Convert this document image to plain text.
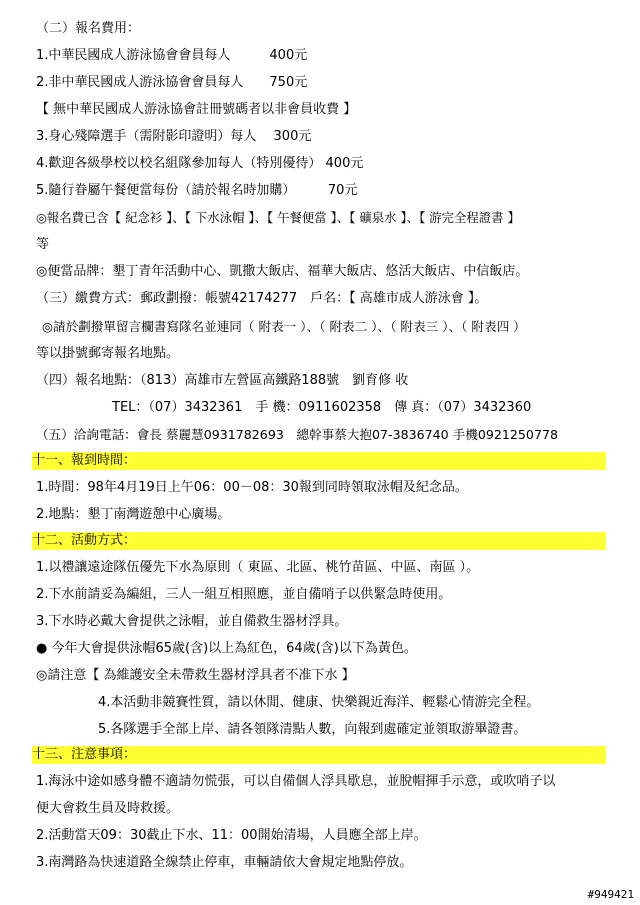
（二）報名費用：
1.中華民國成人游泳協會會員每人　　　400元
2.非中華民國成人游泳協會會員每人　　750元
【 無中華民國成人游泳協會註冊號碼者以非會員收費 】
3.身心殘障選手（需附影印證明）每人　 300元
4.歡迎各級學校以校名組隊參加每人（特別優待） 400元
5.隨行眷屬午餐便當每份（請於報名時加購）　　　70元
◎報名費已含【 紀念衫 】、【 下水泳帽 】、【 午餐便當 】、【 礦泉水 】、【 游完全程證書 】
等
◎便當品牌：墾丁青年活動中心、凱撒大飯店、福華大飯店、悠活大飯店、中信飯店。
（三）繳費方式：郵政劃撥：帳號42174277　戶名：【 高雄市成人游泳會 】。
◎請於劃撥單留言欄書寫隊名並連同（ 附表一 ）、（ 附表二 ）、（ 附表三 ）、（ 附表四 ）
等以掛號郵寄報名地點。
（四）報名地點：（813）高雄市左營區高鐵路188號　劉育修 收
TEL：（07）3432361　手 機：0911602358　傳 真：（07）3432360
（五）洽詢電話：會長 蔡麗慧0931782693　總幹事蔡大抱07-3836740 手機0921250778
十一、報到時間：
1.時間：98年4月19日上午06：00－08：30報到同時領取泳帽及紀念品。
2.地點：墾丁南灣遊憩中心廣場。
十二、活動方式：
1.以禮讓遠途隊伍優先下水為原則（ 東區、北區、桃竹苗區、中區、南區 ）。
2.下水前請妥為編組，三人一組互相照應，並自備哨子以供緊急時使用。
3.下水時必戴大會提供之泳帽，並自備救生器材浮具。
● 今年大會提供泳帽65歲(含)以上為紅色，64歲(含)以下為黃色。
◎請注意【 為維護安全未帶救生器材浮具者不准下水 】
4.本活動非競賽性質，請以休閒、健康、快樂親近海洋、輕鬆心情游完全程。
5.各隊選手全部上岸、請各領隊清點人數，向報到處確定並領取游畢證書。
十三、注意事項：
1.海泳中途如感身體不適請勿慌張，可以自備個人浮具歇息，並脫帽揮手示意，或吹哨子以
便大會救生員及時救援。
2.活動當天09：30截止下水、11：00開始清場，人員應全部上岸。
3.南灣路為快速道路全線禁止停車，車輛請依大會規定地點停放。
#949421
